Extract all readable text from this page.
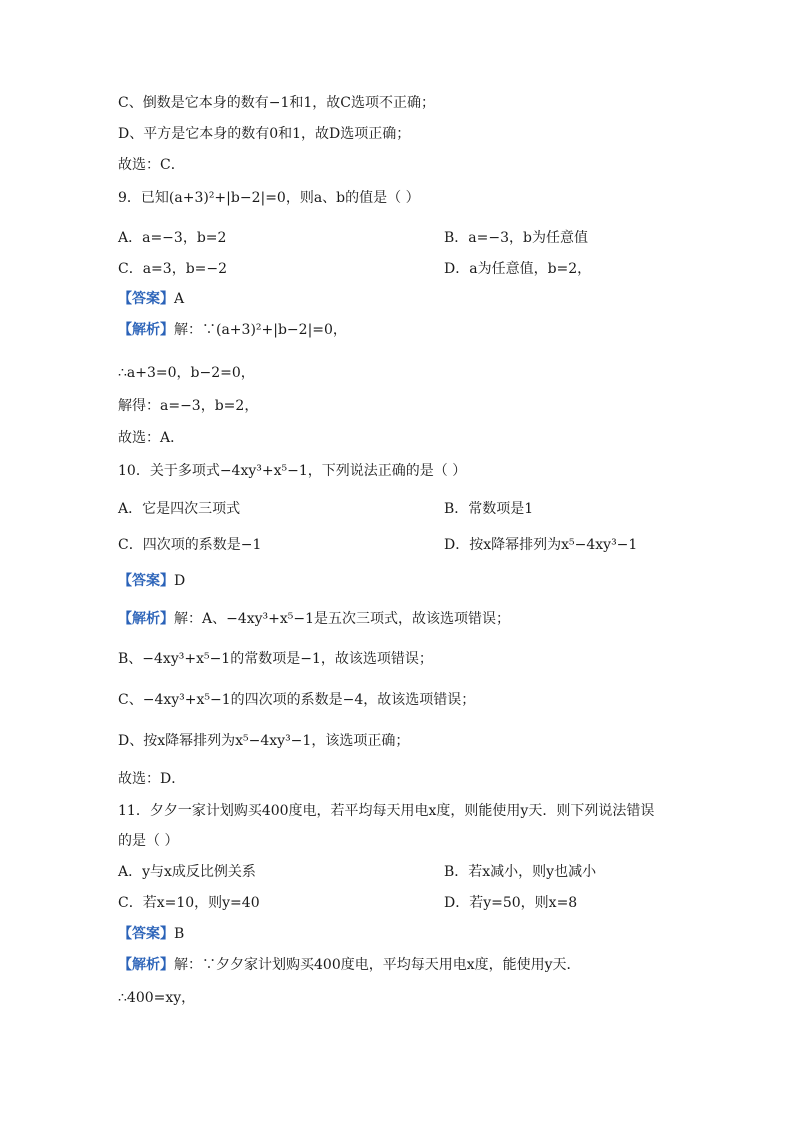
C、倒数是它本身的数有−1和1，故C选项不正确；
D、平方是它本身的数有0和1，故D选项正确；
故选：C．
9．已知(a+3)²+|b−2|=0，则a、b的值是（ ）
A．a=−3，b=2	B．a=−3，b为任意值
C．a=3，b=−2	D．a为任意值，b=2，
【答案】A
【解析】解：∵(a+3)²+|b−2|=0，
∴a+3=0，b−2=0，
解得：a=−3，b=2，
故选：A．
10．关于多项式−4xy³+x⁵−1，下列说法正确的是（ ）
A．它是四次三项式	B．常数项是1
C．四次项的系数是−1	D．按x降幂排列为x⁵−4xy³−1
【答案】D
【解析】解：A、−4xy³+x⁵−1是五次三项式，故该选项错误；
B、−4xy³+x⁵−1的常数项是−1，故该选项错误；
C、−4xy³+x⁵−1的四次项的系数是−4，故该选项错误；
D、按x降幂排列为x⁵−4xy³−1，该选项正确；
故选：D．
11．夕夕一家计划购买400度电，若平均每天用电x度，则能使用y天．则下列说法错误
的是（ ）
A．y与x成反比例关系	B．若x减小，则y也减小
C．若x=10，则y=40	D．若y=50，则x=8
【答案】B
【解析】解：∵夕夕家计划购买400度电，平均每天用电x度，能使用y天．
∴400=xy，
